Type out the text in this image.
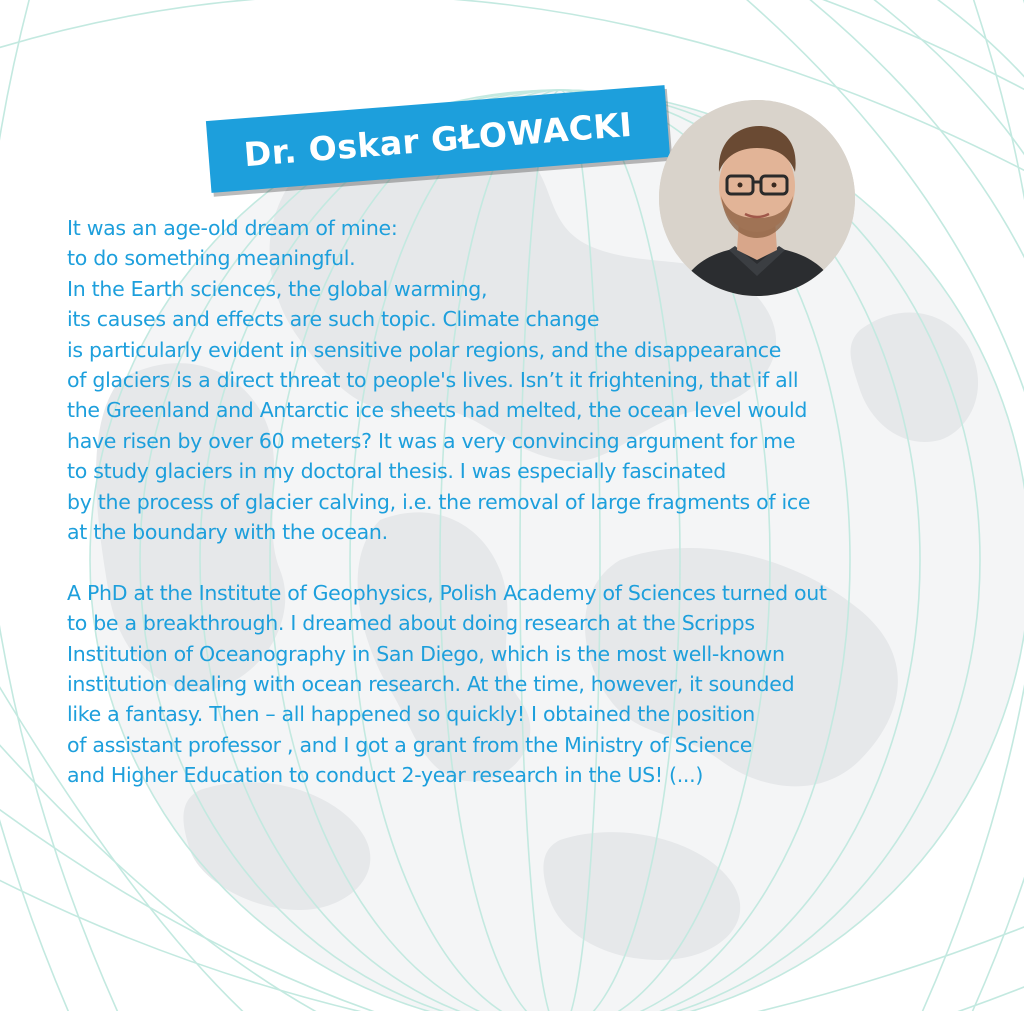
Dr. Oskar GŁOWACKI
It was an age-old dream of mine:
to do something meaningful.
In the Earth sciences, the global warming,
its causes and effects are such topic. Climate change
is particularly evident in sensitive polar regions, and the disappearance
of glaciers is a direct threat to people's lives. Isn’t it frightening, that if all
the Greenland and Antarctic ice sheets had melted, the ocean level would
have risen by over 60 meters? It was a very convincing argument for me
to study glaciers in my doctoral thesis. I was especially fascinated
by the process of glacier calving, i.e. the removal of large fragments of ice
at the boundary with the ocean.
A PhD at the Institute of Geophysics, Polish Academy of Sciences turned out
to be a breakthrough. I dreamed about doing research at the Scripps
Institution of Oceanography in San Diego, which is the most well-known
institution dealing with ocean research. At the time, however, it sounded
like a fantasy. Then – all happened so quickly! I obtained the position
of assistant professor , and I got a grant from the Ministry of Science
and Higher Education to conduct 2-year research in the US! (...)
